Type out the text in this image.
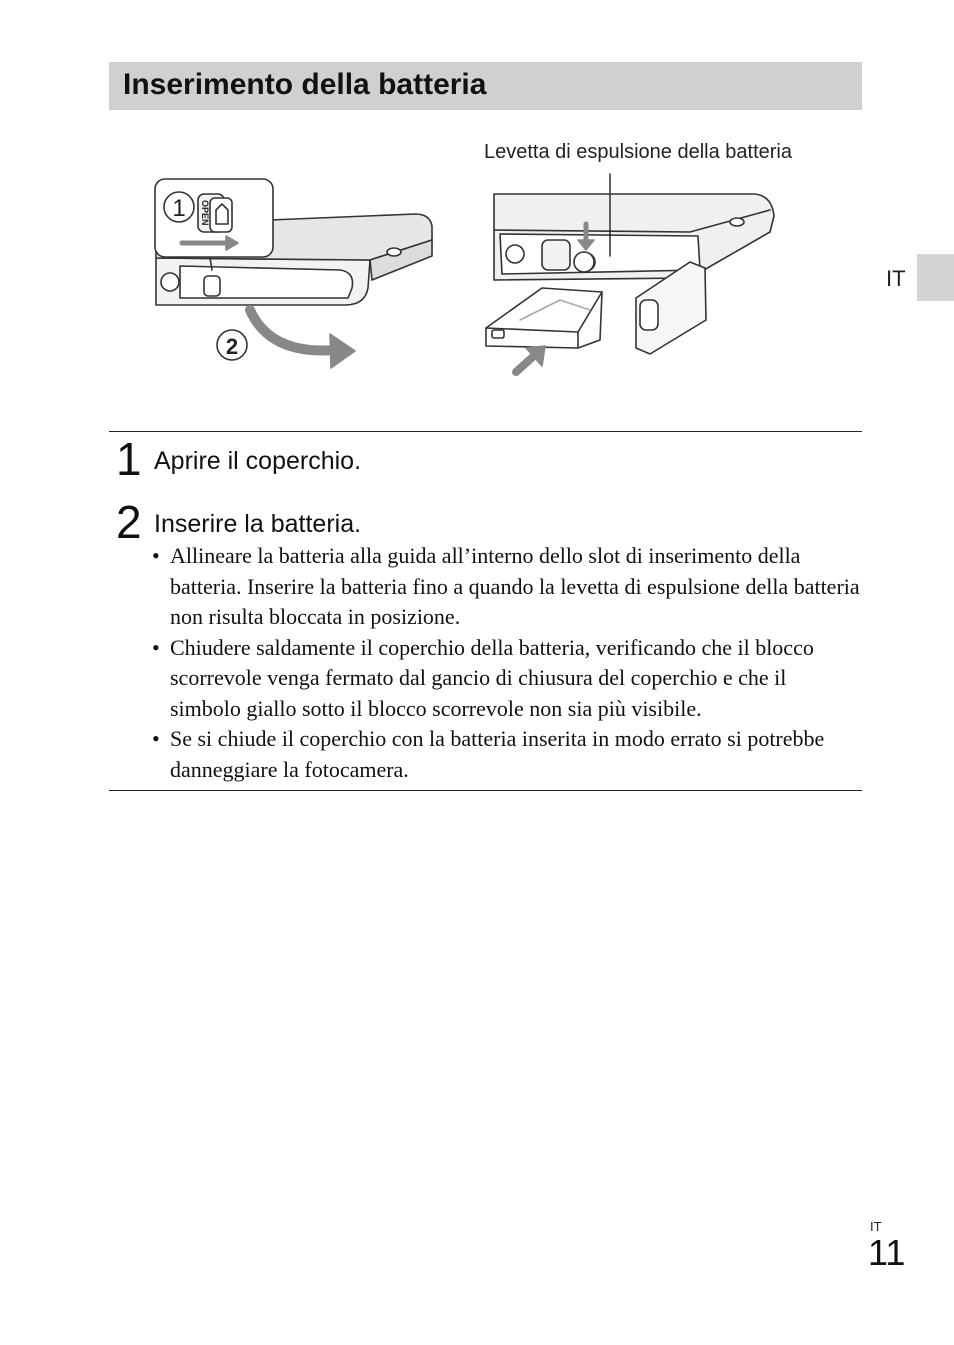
Inserimento della batteria
IT
Levetta di espulsione della batteria
1
2
OPEN
1 Aprire il coperchio.
2 Inserire la batteria.
• Allineare la batteria alla guida all’interno dello slot di inserimento della batteria. Inserire la batteria fino a quando la levetta di espulsione della batteria non risulta bloccata in posizione.
• Chiudere saldamente il coperchio della batteria, verificando che il blocco scorrevole venga fermato dal gancio di chiusura del coperchio e che il simbolo giallo sotto il blocco scorrevole non sia più visibile.
• Se si chiude il coperchio con la batteria inserita in modo errato si potrebbe danneggiare la fotocamera.
IT
11
